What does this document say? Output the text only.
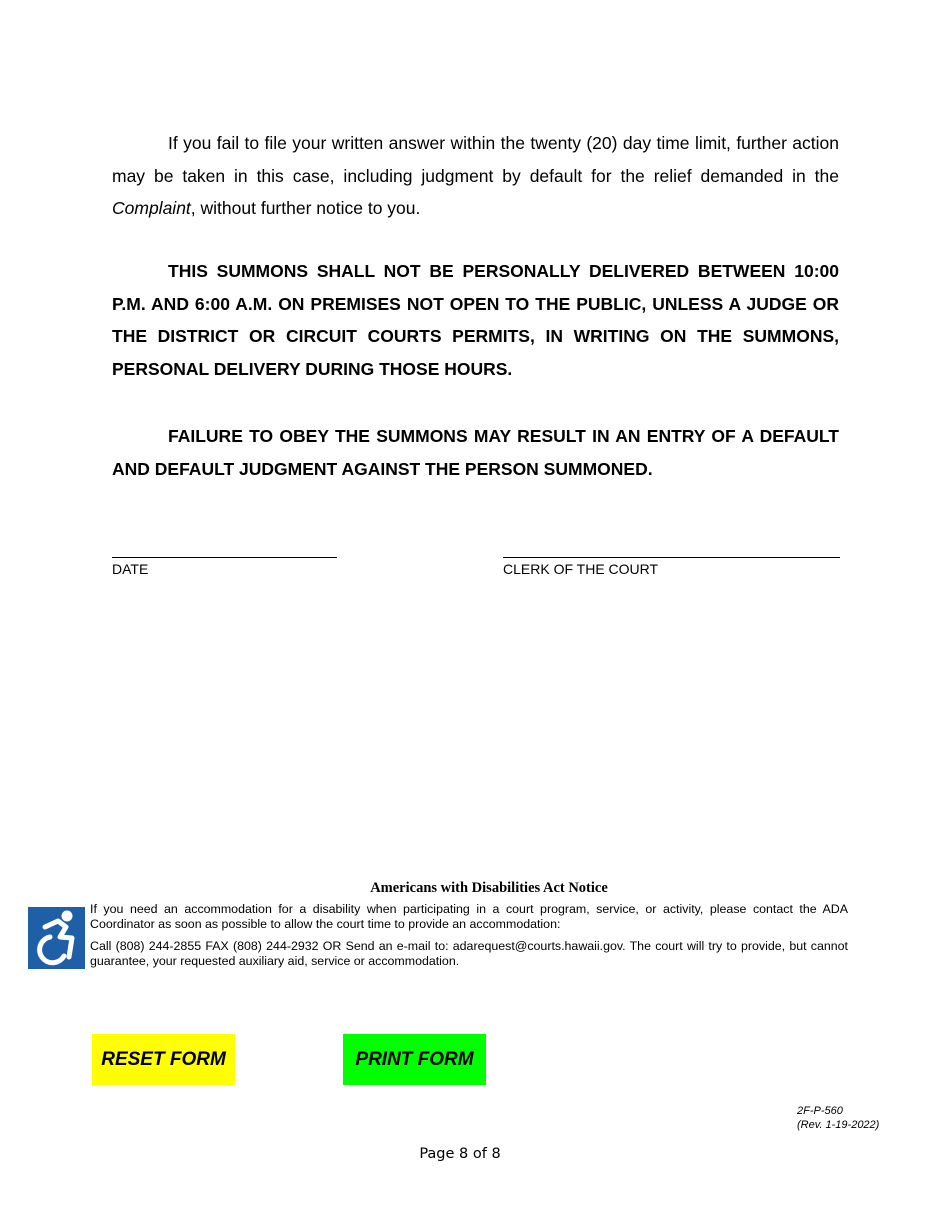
If you fail to file your written answer within the twenty (20) day time limit, further action may be taken in this case, including judgment by default for the relief demanded in the Complaint, without further notice to you.

THIS SUMMONS SHALL NOT BE PERSONALLY DELIVERED BETWEEN 10:00 P.M. AND 6:00 A.M. ON PREMISES NOT OPEN TO THE PUBLIC, UNLESS A JUDGE OR THE DISTRICT OR CIRCUIT COURTS PERMITS, IN WRITING ON THE SUMMONS, PERSONAL DELIVERY DURING THOSE HOURS.

FAILURE TO OBEY THE SUMMONS MAY RESULT IN AN ENTRY OF A DEFAULT AND DEFAULT JUDGMENT AGAINST THE PERSON SUMMONED.

DATE	CLERK OF THE COURT
Americans with Disabilities Act Notice

If you need an accommodation for a disability when participating in a court program, service, or activity, please contact the ADA Coordinator as soon as possible to allow the court time to provide an accommodation:

Call (808) 244-2855 FAX (808) 244-2932 OR Send an e-mail to: adarequest@courts.hawaii.gov. The court will try to provide, but cannot guarantee, your requested auxiliary aid, service or accommodation.

RESET FORM	PRINT FORM
2F-P-560
(Rev. 1-19-2022)
Page 8 of 8
